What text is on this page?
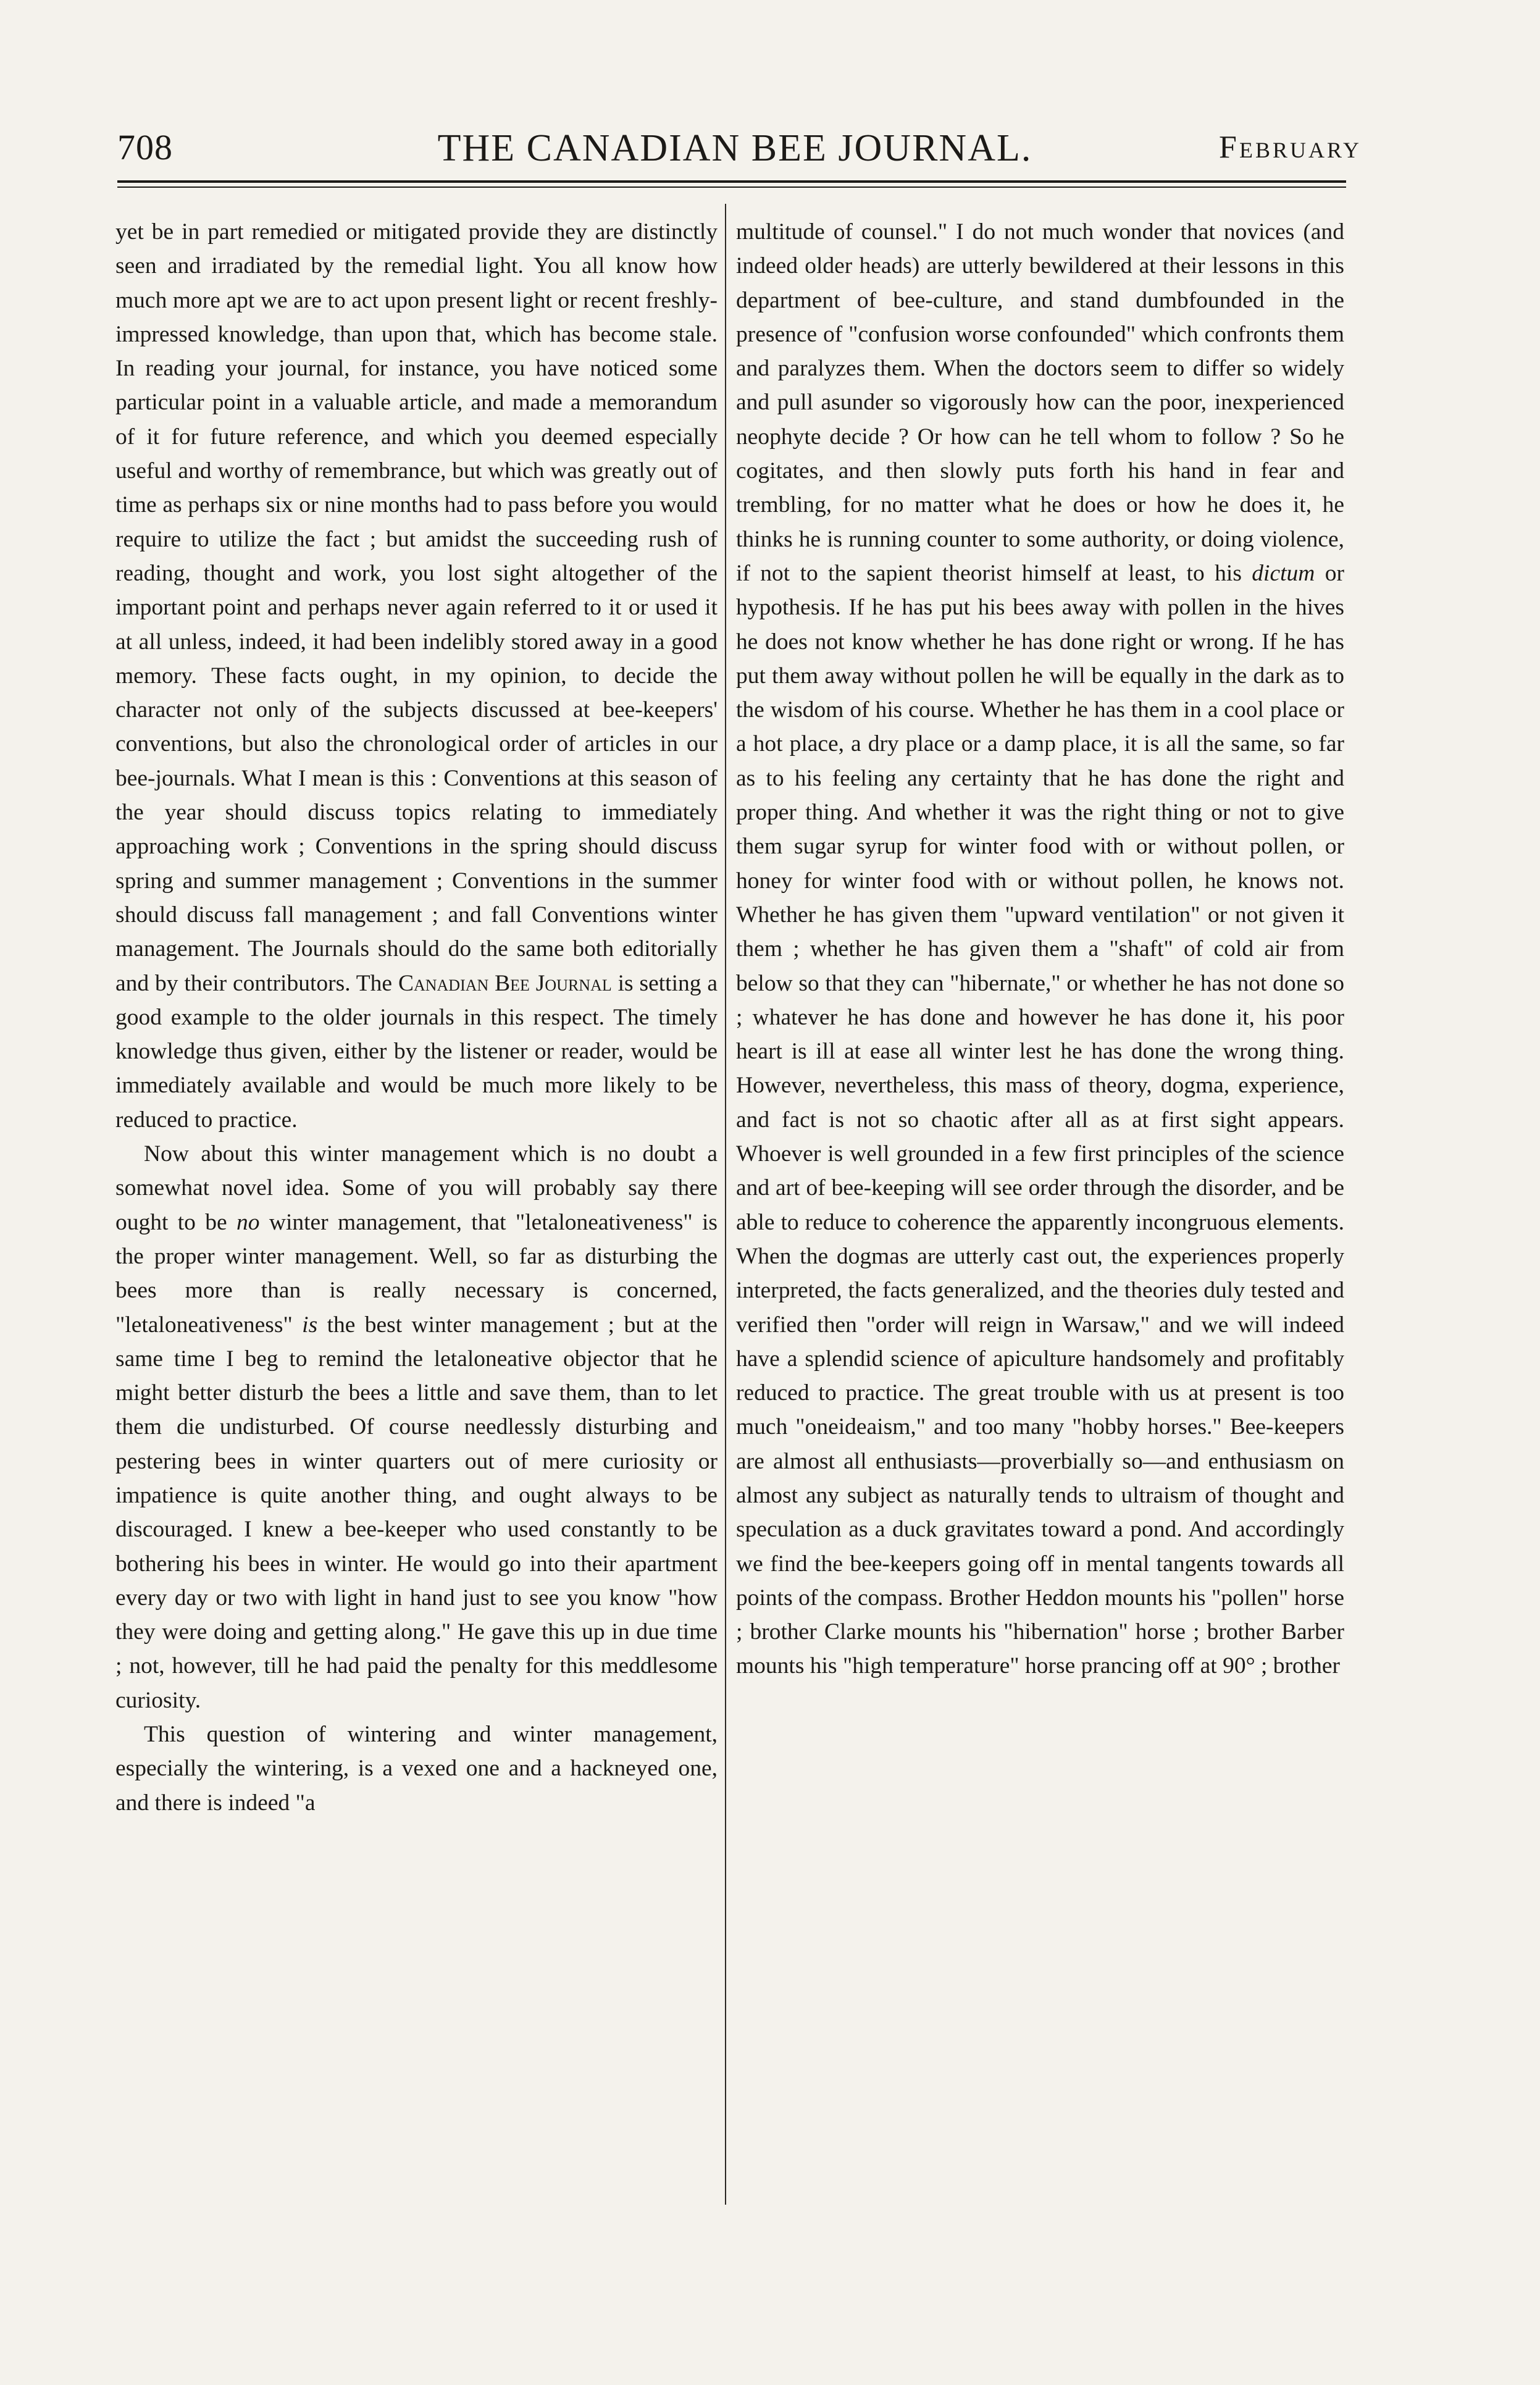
708	THE CANADIAN BEE JOURNAL.	February

yet be in part remedied or mitigated provide they are distinctly seen and irradiated by the remedial light. You all know how much more apt we are to act upon present light or recent freshly-impressed knowledge, than upon that, which has become stale. In reading your journal, for instance, you have noticed some particular point in a valuable article, and made a memorandum of it for future reference, and which you deemed especially useful and worthy of remembrance, but which was greatly out of time as perhaps six or nine months had to pass before you would require to utilize the fact ; but amidst the succeeding rush of reading, thought and work, you lost sight altogether of the important point and perhaps never again referred to it or used it at all unless, indeed, it had been indelibly stored away in a good memory. These facts ought, in my opinion, to decide the character not only of the subjects discussed at bee-keepers' conventions, but also the chronological order of articles in our bee-journals. What I mean is this : Conventions at this season of the year should discuss topics relating to immediately approaching work ; Conventions in the spring should discuss spring and summer management ; Conventions in the summer should discuss fall management ; and fall Conventions winter management. The Journals should do the same both editorially and by their contributors. The Canadian Bee Journal is setting a good example to the older journals in this respect. The timely knowledge thus given, either by the listener or reader, would be immediately available and would be much more likely to be reduced to practice.

Now about this winter management which is no doubt a somewhat novel idea. Some of you will probably say there ought to be no winter management, that "letaloneativeness" is the proper winter management. Well, so far as disturbing the bees more than is really necessary is concerned, "letaloneativeness" is the best winter management ; but at the same time I beg to remind the letaloneative objector that he might better disturb the bees a little and save them, than to let them die undisturbed. Of course needlessly disturbing and pestering bees in winter quarters out of mere curiosity or impatience is quite another thing, and ought always to be discouraged. I knew a bee-keeper who used constantly to be bothering his bees in winter. He would go into their apartment every day or two with light in hand just to see you know "how they were doing and getting along." He gave this up in due time ; not, however, till he had paid the penalty for this meddlesome curiosity.

This question of wintering and winter management, especially the wintering, is a vexed one and a hackneyed one, and there is indeed "a

multitude of counsel." I do not much wonder that novices (and indeed older heads) are utterly bewildered at their lessons in this department of bee-culture, and stand dumbfounded in the presence of "confusion worse confounded" which confronts them and paralyzes them. When the doctors seem to differ so widely and pull asunder so vigorously how can the poor, inexperienced neophyte decide ? Or how can he tell whom to follow ? So he cogitates, and then slowly puts forth his hand in fear and trembling, for no matter what he does or how he does it, he thinks he is running counter to some authority, or doing violence, if not to the sapient theorist himself at least, to his dictum or hypothesis. If he has put his bees away with pollen in the hives he does not know whether he has done right or wrong. If he has put them away without pollen he will be equally in the dark as to the wisdom of his course. Whether he has them in a cool place or a hot place, a dry place or a damp place, it is all the same, so far as to his feeling any certainty that he has done the right and proper thing. And whether it was the right thing or not to give them sugar syrup for winter food with or without pollen, or honey for winter food with or without pollen, he knows not. Whether he has given them "upward ventilation" or not given it them ; whether he has given them a "shaft" of cold air from below so that they can "hibernate," or whether he has not done so ; whatever he has done and however he has done it, his poor heart is ill at ease all winter lest he has done the wrong thing. However, nevertheless, this mass of theory, dogma, experience, and fact is not so chaotic after all as at first sight appears. Whoever is well grounded in a few first principles of the science and art of bee-keeping will see order through the disorder, and be able to reduce to coherence the apparently incongruous elements. When the dogmas are utterly cast out, the experiences properly interpreted, the facts generalized, and the theories duly tested and verified then "order will reign in Warsaw," and we will indeed have a splendid science of apiculture handsomely and profitably reduced to practice. The great trouble with us at present is too much "oneideaism," and too many "hobby horses." Bee-keepers are almost all enthusiasts—proverbially so—and enthusiasm on almost any subject as naturally tends to ultraism of thought and speculation as a duck gravitates toward a pond. And accordingly we find the bee-keepers going off in mental tangents towards all points of the compass. Brother Heddon mounts his "pollen" horse ; brother Clarke mounts his "hibernation" horse ; brother Barber mounts his "high temperature" horse prancing off at 90° ; brother
